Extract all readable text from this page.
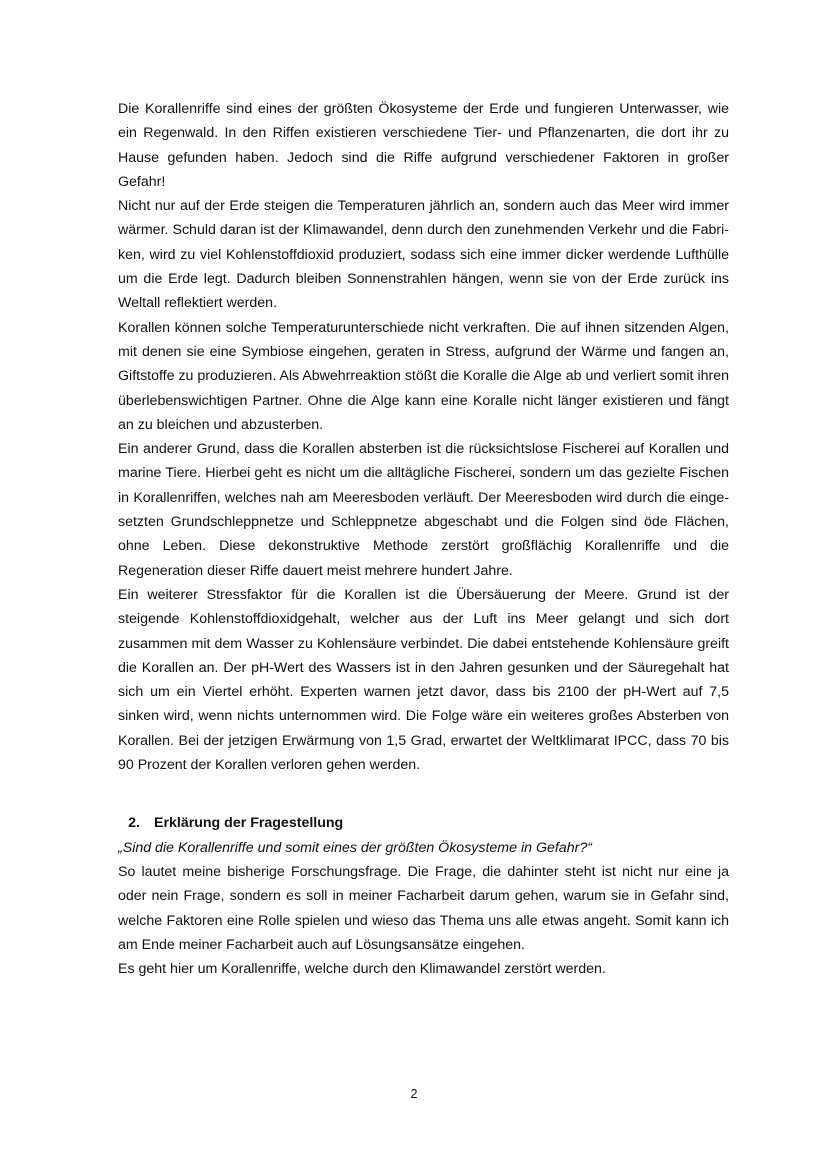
Die Korallenriffe sind eines der größten Ökosysteme der Erde und fungieren Unterwasser, wie ein Regenwald. In den Riffen existieren verschiedene Tier- und Pflanzenarten, die dort ihr zu Hause gefunden haben. Jedoch sind die Riffe aufgrund verschiedener Faktoren in großer Gefahr!

Nicht nur auf der Erde steigen die Temperaturen jährlich an, sondern auch das Meer wird immer wärmer. Schuld daran ist der Klimawandel, denn durch den zunehmenden Verkehr und die Fabriken, wird zu viel Kohlenstoffdioxid produziert, sodass sich eine immer dicker werdende Lufthülle um die Erde legt. Dadurch bleiben Sonnenstrahlen hängen, wenn sie von der Erde zurück ins Weltall reflektiert werden.

Korallen können solche Temperaturunterschiede nicht verkraften. Die auf ihnen sitzenden Algen, mit denen sie eine Symbiose eingehen, geraten in Stress, aufgrund der Wärme und fangen an, Giftstoffe zu produzieren. Als Abwehrreaktion stößt die Koralle die Alge ab und verliert somit ihren überlebenswichtigen Partner. Ohne die Alge kann eine Koralle nicht länger existieren und fängt an zu bleichen und abzusterben.

Ein anderer Grund, dass die Korallen absterben ist die rücksichtslose Fischerei auf Korallen und marine Tiere. Hierbei geht es nicht um die alltägliche Fischerei, sondern um das gezielte Fischen in Korallenriffen, welches nah am Meeresboden verläuft. Der Meeresboden wird durch die eingesetzten Grundschleppnetze und Schleppnetze abgeschabt und die Folgen sind öde Flächen, ohne Leben. Diese dekonstruktive Methode zerstört großflächig Korallenriffe und die Regeneration dieser Riffe dauert meist mehrere hundert Jahre.

Ein weiterer Stressfaktor für die Korallen ist die Übersäuerung der Meere. Grund ist der steigende Kohlenstoffdioxidgehalt, welcher aus der Luft ins Meer gelangt und sich dort zusammen mit dem Wasser zu Kohlensäure verbindet. Die dabei entstehende Kohlensäure greift die Korallen an. Der pH-Wert des Wassers ist in den Jahren gesunken und der Säuregehalt hat sich um ein Viertel erhöht. Experten warnen jetzt davor, dass bis 2100 der pH-Wert auf 7,5 sinken wird, wenn nichts unternommen wird. Die Folge wäre ein weiteres großes Absterben von Korallen. Bei der jetzigen Erwärmung von 1,5 Grad, erwartet der Weltklimarat IPCC, dass 70 bis 90 Prozent der Korallen verloren gehen werden.

2. Erklärung der Fragestellung

„Sind die Korallenriffe und somit eines der größten Ökosysteme in Gefahr?“

So lautet meine bisherige Forschungsfrage. Die Frage, die dahinter steht ist nicht nur eine ja oder nein Frage, sondern es soll in meiner Facharbeit darum gehen, warum sie in Gefahr sind, welche Faktoren eine Rolle spielen und wieso das Thema uns alle etwas angeht. Somit kann ich am Ende meiner Facharbeit auch auf Lösungsansätze eingehen.

Es geht hier um Korallenriffe, welche durch den Klimawandel zerstört werden.

2
